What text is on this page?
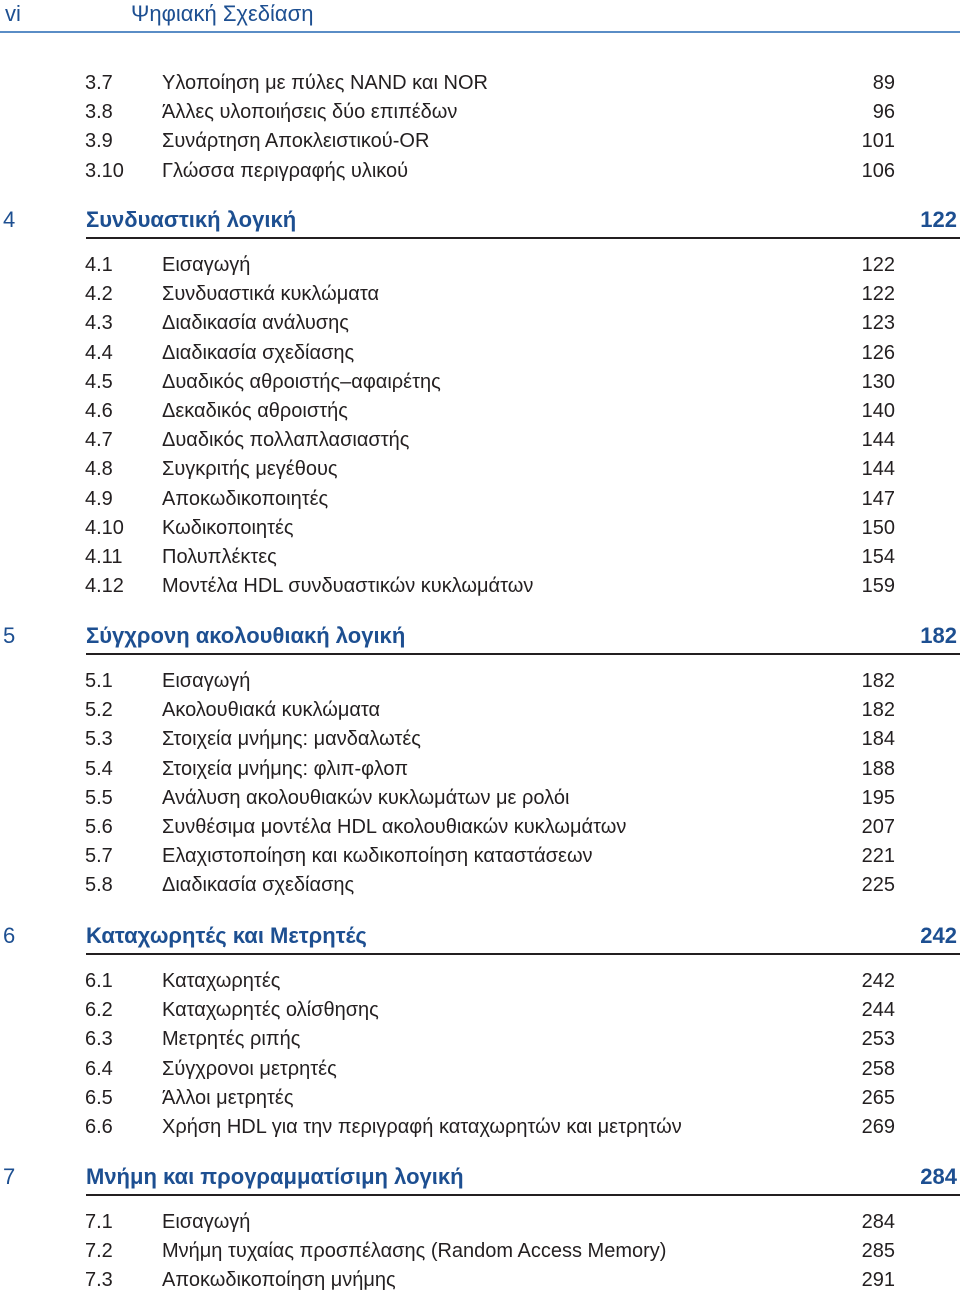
vi	Ψηφιακή Σχεδίαση
3.7 Υλοποίηση με πύλες NAND και NOR	89
3.8 Άλλες υλοποιήσεις δύο επιπέδων	96
3.9 Συνάρτηση Αποκλειστικού-OR	101
3.10 Γλώσσα περιγραφής υλικού	106
4	Συνδυαστική λογική	122
4.1 Εισαγωγή	122
4.2 Συνδυαστικά κυκλώματα	122
4.3 Διαδικασία ανάλυσης	123
4.4 Διαδικασία σχεδίασης	126
4.5 Δυαδικός αθροιστής–αφαιρέτης	130
4.6 Δεκαδικός αθροιστής	140
4.7 Δυαδικός πολλαπλασιαστής	144
4.8 Συγκριτής μεγέθους	144
4.9 Αποκωδικοποιητές	147
4.10 Κωδικοποιητές	150
4.11 Πολυπλέκτες	154
4.12 Μοντέλα HDL συνδυαστικών κυκλωμάτων	159
5	Σύγχρονη ακολουθιακή λογική	182
5.1 Εισαγωγή	182
5.2 Ακολουθιακά κυκλώματα	182
5.3 Στοιχεία μνήμης: μανδαλωτές	184
5.4 Στοιχεία μνήμης: φλιπ-φλοπ	188
5.5 Ανάλυση ακολουθιακών κυκλωμάτων με ρολόι	195
5.6 Συνθέσιμα μοντέλα HDL ακολουθιακών κυκλωμάτων	207
5.7 Ελαχιστοποίηση και κωδικοποίηση καταστάσεων	221
5.8 Διαδικασία σχεδίασης	225
6	Καταχωρητές και Μετρητές	242
6.1 Καταχωρητές	242
6.2 Καταχωρητές ολίσθησης	244
6.3 Μετρητές ριπής	253
6.4 Σύγχρονοι μετρητές	258
6.5 Άλλοι μετρητές	265
6.6 Χρήση HDL για την περιγραφή καταχωρητών και μετρητών	269
7	Μνήμη και προγραμματίσιμη λογική	284
7.1 Εισαγωγή	284
7.2 Μνήμη τυχαίας προσπέλασης (Random Access Memory)	285
7.3 Αποκωδικοποίηση μνήμης	291
